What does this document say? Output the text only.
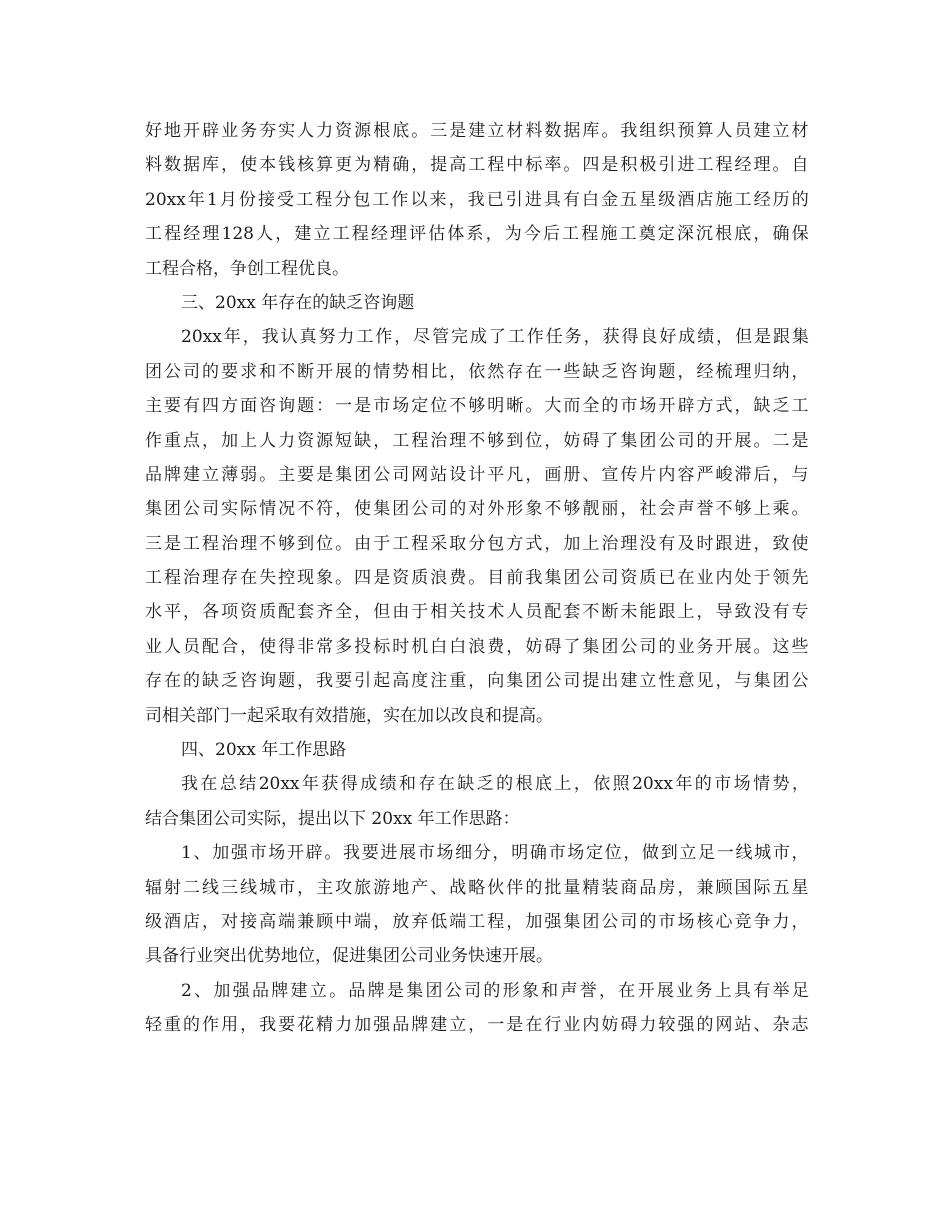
好 地 开 辟 业 务 夯 实 人 力 资 源 根 底 。 三 是 建 立 材 料 数 据 库 。 我 组 织 预 算 人 员 建 立 材
料 数 据 库 ， 使 本 钱 核 算 更 为 精 确 ， 提 高 工 程 中 标 率 。 四 是 积 极 引 进 工 程 经 理 。 自
20xx 年 1 月 份 接 受 工 程 分 包 工 作 以 来 ， 我 已 引 进 具 有 白 金 五 星 级 酒 店 施 工 经 历 的
工 程 经 理 128 人 ， 建 立 工 程 经 理 评 估 体 系 ， 为 今 后 工 程 施 工 奠 定 深 沉 根 底 ， 确 保
工程合格，争创工程优良。
三、20xx 年存在的缺乏咨询题
20xx 年 ， 我 认 真 努 力 工 作 ， 尽 管 完 成 了 工 作 任 务 ， 获 得 良 好 成 绩 ， 但 是 跟 集
团 公 司 的 要 求 和 不 断 开 展 的 情 势 相 比 ， 依 然 存 在 一 些 缺 乏 咨 询 题 ， 经 梳 理 归 纳 ，
主 要 有 四 方 面 咨 询 题 ： 一 是 市 场 定 位 不 够 明 晰 。 大 而 全 的 市 场 开 辟 方 式 ， 缺 乏 工
作 重 点 ， 加 上 人 力 资 源 短 缺 ， 工 程 治 理 不 够 到 位 ， 妨 碍 了 集 团 公 司 的 开 展 。 二 是
品 牌 建 立 薄 弱 。 主 要 是 集 团 公 司 网 站 设 计 平 凡 ， 画 册 、 宣 传 片 内 容 严 峻 滞 后 ， 与
集 团 公 司 实 际 情 况 不 符 ， 使 集 团 公 司 的 对 外 形 象 不 够 靓 丽 ， 社 会 声 誉 不 够 上 乘 。
三 是 工 程 治 理 不 够 到 位 。 由 于 工 程 采 取 分 包 方 式 ， 加 上 治 理 没 有 及 时 跟 进 ， 致 使
工 程 治 理 存 在 失 控 现 象 。 四 是 资 质 浪 费 。 目 前 我 集 团 公 司 资 质 已 在 业 内 处 于 领 先
水 平 ， 各 项 资 质 配 套 齐 全 ， 但 由 于 相 关 技 术 人 员 配 套 不 断 未 能 跟 上 ， 导 致 没 有 专
业 人 员 配 合 ， 使 得 非 常 多 投 标 时 机 白 白 浪 费 ， 妨 碍 了 集 团 公 司 的 业 务 开 展 。 这 些
存 在 的 缺 乏 咨 询 题 ， 我 要 引 起 高 度 注 重 ， 向 集 团 公 司 提 出 建 立 性 意 见 ， 与 集 团 公
司相关部门一起采取有效措施，实在加以改良和提高。
四、20xx 年工作思路
我 在 总 结 20xx 年 获 得 成 绩 和 存 在 缺 乏 的 根 底 上 ， 依 照 20xx 年 的 市 场 情 势 ，
结合集团公司实际，提出以下 20xx 年工作思路：
1 、 加 强 市 场 开 辟 。 我 要 进 展 市 场 细 分 ， 明 确 市 场 定 位 ， 做 到 立 足 一 线 城 市 ，
辐 射 二 线 三 线 城 市 ， 主 攻 旅 游 地 产 、 战 略 伙 伴 的 批 量 精 装 商 品 房 ， 兼 顾 国 际 五 星
级 酒 店 ， 对 接 高 端 兼 顾 中 端 ， 放 弃 低 端 工 程 ， 加 强 集 团 公 司 的 市 场 核 心 竞 争 力 ，
具备行业突出优势地位，促进集团公司业务快速开展。
2 、 加 强 品 牌 建 立 。 品 牌 是 集 团 公 司 的 形 象 和 声 誉 ， 在 开 展 业 务 上 具 有 举 足
轻 重 的 作 用 ， 我 要 花 精 力 加 强 品 牌 建 立 ， 一 是 在 行 业 内 妨 碍 力 较 强 的 网 站 、 杂 志
